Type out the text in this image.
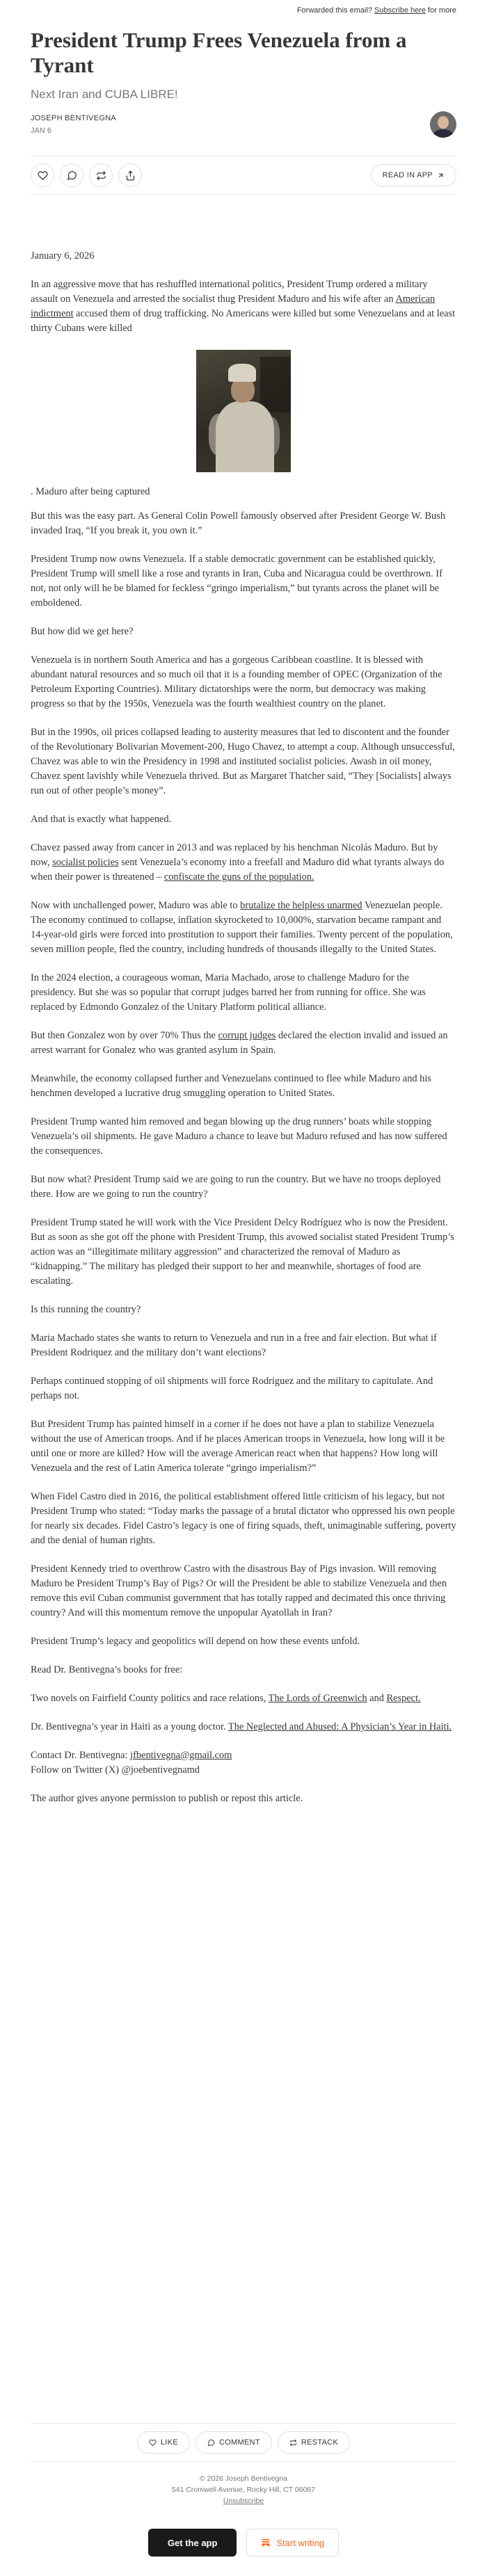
Forwarded this email? Subscribe here for more
President Trump Frees Venezuela from a Tyrant
Next Iran and CUBA LIBRE!
JOSEPH BENTIVEGNA
JAN 6
READ IN APP

January 6, 2026

In an aggressive move that has reshuffled international politics, President Trump ordered a military assault on Venezuela and arrested the socialist thug President Maduro and his wife after an American indictment accused them of drug trafficking. No Americans were killed but some Venezuelans and at least thirty Cubans were killed

. Maduro after being captured

But this was the easy part. As General Colin Powell famously observed after President George W. Bush invaded Iraq, “If you break it, you own it.”

President Trump now owns Venezuela. If a stable democratic government can be established quickly, President Trump will smell like a rose and tyrants in Iran, Cuba and Nicaragua could be overthrown. If not, not only will he be blamed for feckless “gringo imperialism,” but tyrants across the planet will be emboldened.

But how did we get here?

Venezuela is in northern South America and has a gorgeous Caribbean coastline. It is blessed with abundant natural resources and so much oil that it is a founding member of OPEC (Organization of the Petroleum Exporting Countries). Military dictatorships were the norm, but democracy was making progress so that by the 1950s, Venezuela was the fourth wealthiest country on the planet.

But in the 1990s, oil prices collapsed leading to austerity measures that led to discontent and the founder of the Revolutionary Bolivarian Movement-200, Hugo Chavez, to attempt a coup. Although unsuccessful, Chavez was able to win the Presidency in 1998 and instituted socialist policies. Awash in oil money, Chavez spent lavishly while Venezuela thrived. But as Margaret Thatcher said, “They [Socialists] always run out of other people’s money”.

And that is exactly what happened.

Chavez passed away from cancer in 2013 and was replaced by his henchman Nicolás Maduro. But by now, socialist policies sent Venezuela’s economy into a freefall and Maduro did what tyrants always do when their power is threatened – confiscate the guns of the population.

Now with unchallenged power, Maduro was able to brutalize the helpless unarmed Venezuelan people. The economy continued to collapse, inflation skyrocketed to 10,000%, starvation became rampant and 14-year-old girls were forced into prostitution to support their families. Twenty percent of the population, seven million people, fled the country, including hundreds of thousands illegally to the United States.

In the 2024 election, a courageous woman, Maria Machado, arose to challenge Maduro for the presidency. But she was so popular that corrupt judges barred her from running for office. She was replaced by Edmondo Gonzalez of the Unitary Platform political alliance.

But then Gonzalez won by over 70% Thus the corrupt judges declared the election invalid and issued an arrest warrant for Gonalez who was granted asylum in Spain.

Meanwhile, the economy collapsed further and Venezuelans continued to flee while Maduro and his henchmen developed a lucrative drug smuggling operation to United States.

President Trump wanted him removed and began blowing up the drug runners’ boats while stopping Venezuela’s oil shipments. He gave Maduro a chance to leave but Maduro refused and has now suffered the consequences.

But now what? President Trump said we are going to run the country. But we have no troops deployed there. How are we going to run the country?

President Trump stated he will work with the Vice President Delcy Rodríguez who is now the President. But as soon as she got off the phone with President Trump, this avowed socialist stated President Trump’s action was an “illegitimate military aggression” and characterized the removal of Maduro as “kidnapping.” The military has pledged their support to her and meanwhile, shortages of food are escalating.

Is this running the country?

Maria Machado states she wants to return to Venezuela and run in a free and fair election. But what if President Rodriquez and the military don’t want elections?

Perhaps continued stopping of oil shipments will force Rodriguez and the military to capitulate. And perhaps not.

But President Trump has painted himself in a corner if he does not have a plan to stabilize Venezuela without the use of American troops. And if he places American troops in Venezuela, how long will it be until one or more are killed? How will the average American react when that happens? How long will Venezuela and the rest of Latin America tolerate “gringo imperialism?”

When Fidel Castro died in 2016, the political establishment offered little criticism of his legacy, but not President Trump who stated: “Today marks the passage of a brutal dictator who oppressed his own people for nearly six decades. Fidel Castro’s legacy is one of firing squads, theft, unimaginable suffering, poverty and the denial of human rights.

President Kennedy tried to overthrow Castro with the disastrous Bay of Pigs invasion. Will removing Maduro be President Trump’s Bay of Pigs? Or will the President be able to stabilize Venezuela and then remove this evil Cuban communist government that has totally rapped and decimated this once thriving country? And will this momentum remove the unpopular Ayatollah in Iran?

President Trump’s legacy and geopolitics will depend on how these events unfold.

Read Dr. Bentivegna’s books for free:

Two novels on Fairfield County politics and race relations, The Lords of Greenwich and Respect.

Dr. Bentivegna’s year in Haiti as a young doctor. The Neglected and Abused: A Physician’s Year in Haiti.

Contact Dr. Bentivegna: jfbentivegna@gmail.com
Follow on Twitter (X) @joebentivegnamd

The author gives anyone permission to publish or repost this article.

LIKE	COMMENT	RESTACK
© 2026 Joseph Bentivegna
541 Cromwell Avenue, Rocky Hill, CT 06067
Unsubscribe
Get the app	Start writing
